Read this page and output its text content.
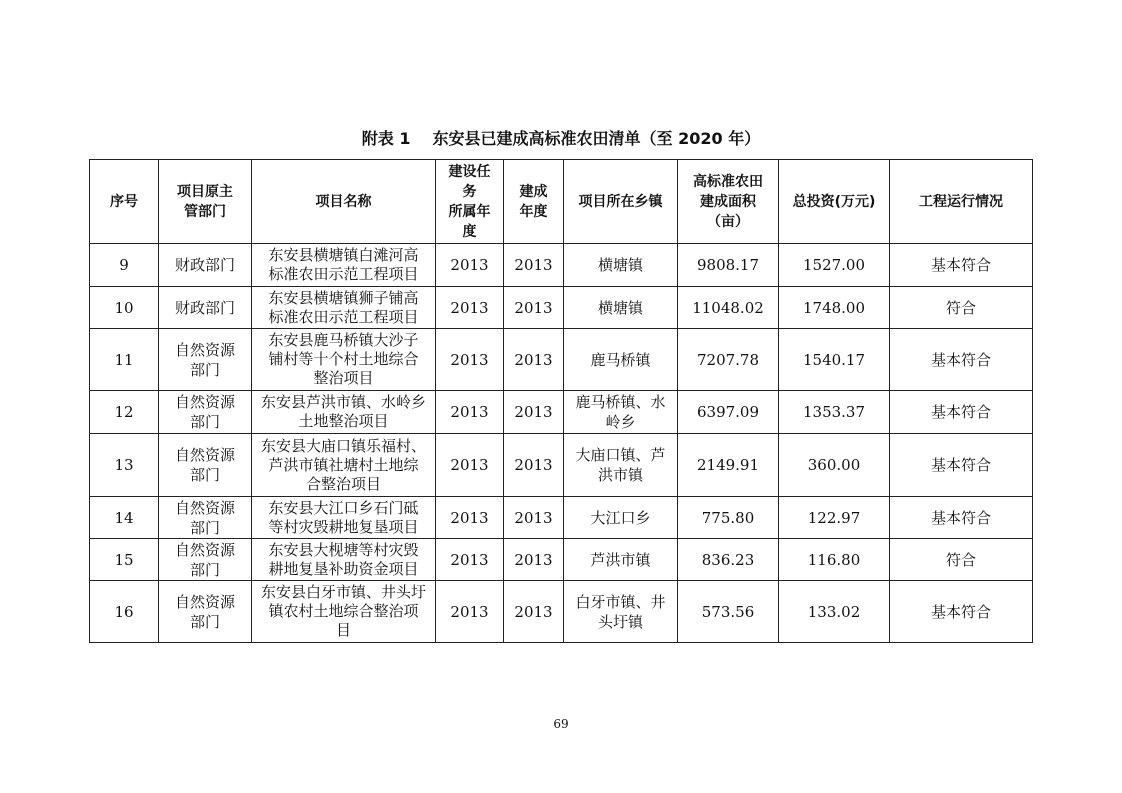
附表 1 东安县已建成高标准农田清单（至 2020 年）
序号	项目原主
管部门	项目名称	建设任
务
所属年
度	建成
年度	项目所在乡镇	高标准农田
建成面积
（亩）	总投资(万元)	工程运行情况
9	财政部门	东安县横塘镇白滩河高
标准农田示范工程项目	2013	2013	横塘镇	9808.17	1527.00	基本符合
10	财政部门	东安县横塘镇狮子铺高
标准农田示范工程项目	2013	2013	横塘镇	11048.02	1748.00	符合
11	自然资源
部门	东安县鹿马桥镇大沙子
铺村等十个村土地综合
整治项目	2013	2013	鹿马桥镇	7207.78	1540.17	基本符合
12	自然资源
部门	东安县芦洪市镇、水岭乡
土地整治项目	2013	2013	鹿马桥镇、水
岭乡	6397.09	1353.37	基本符合
13	自然资源
部门	东安县大庙口镇乐福村、
芦洪市镇社塘村土地综
合整治项目	2013	2013	大庙口镇、芦
洪市镇	2149.91	360.00	基本符合
14	自然资源
部门	东安县大江口乡石门砥
等村灾毁耕地复垦项目	2013	2013	大江口乡	775.80	122.97	基本符合
15	自然资源
部门	东安县大枧塘等村灾毁
耕地复垦补助资金项目	2013	2013	芦洪市镇	836.23	116.80	符合
16	自然资源
部门	东安县白牙市镇、井头圩
镇农村土地综合整治项
目	2013	2013	白牙市镇、井
头圩镇	573.56	133.02	基本符合
69
